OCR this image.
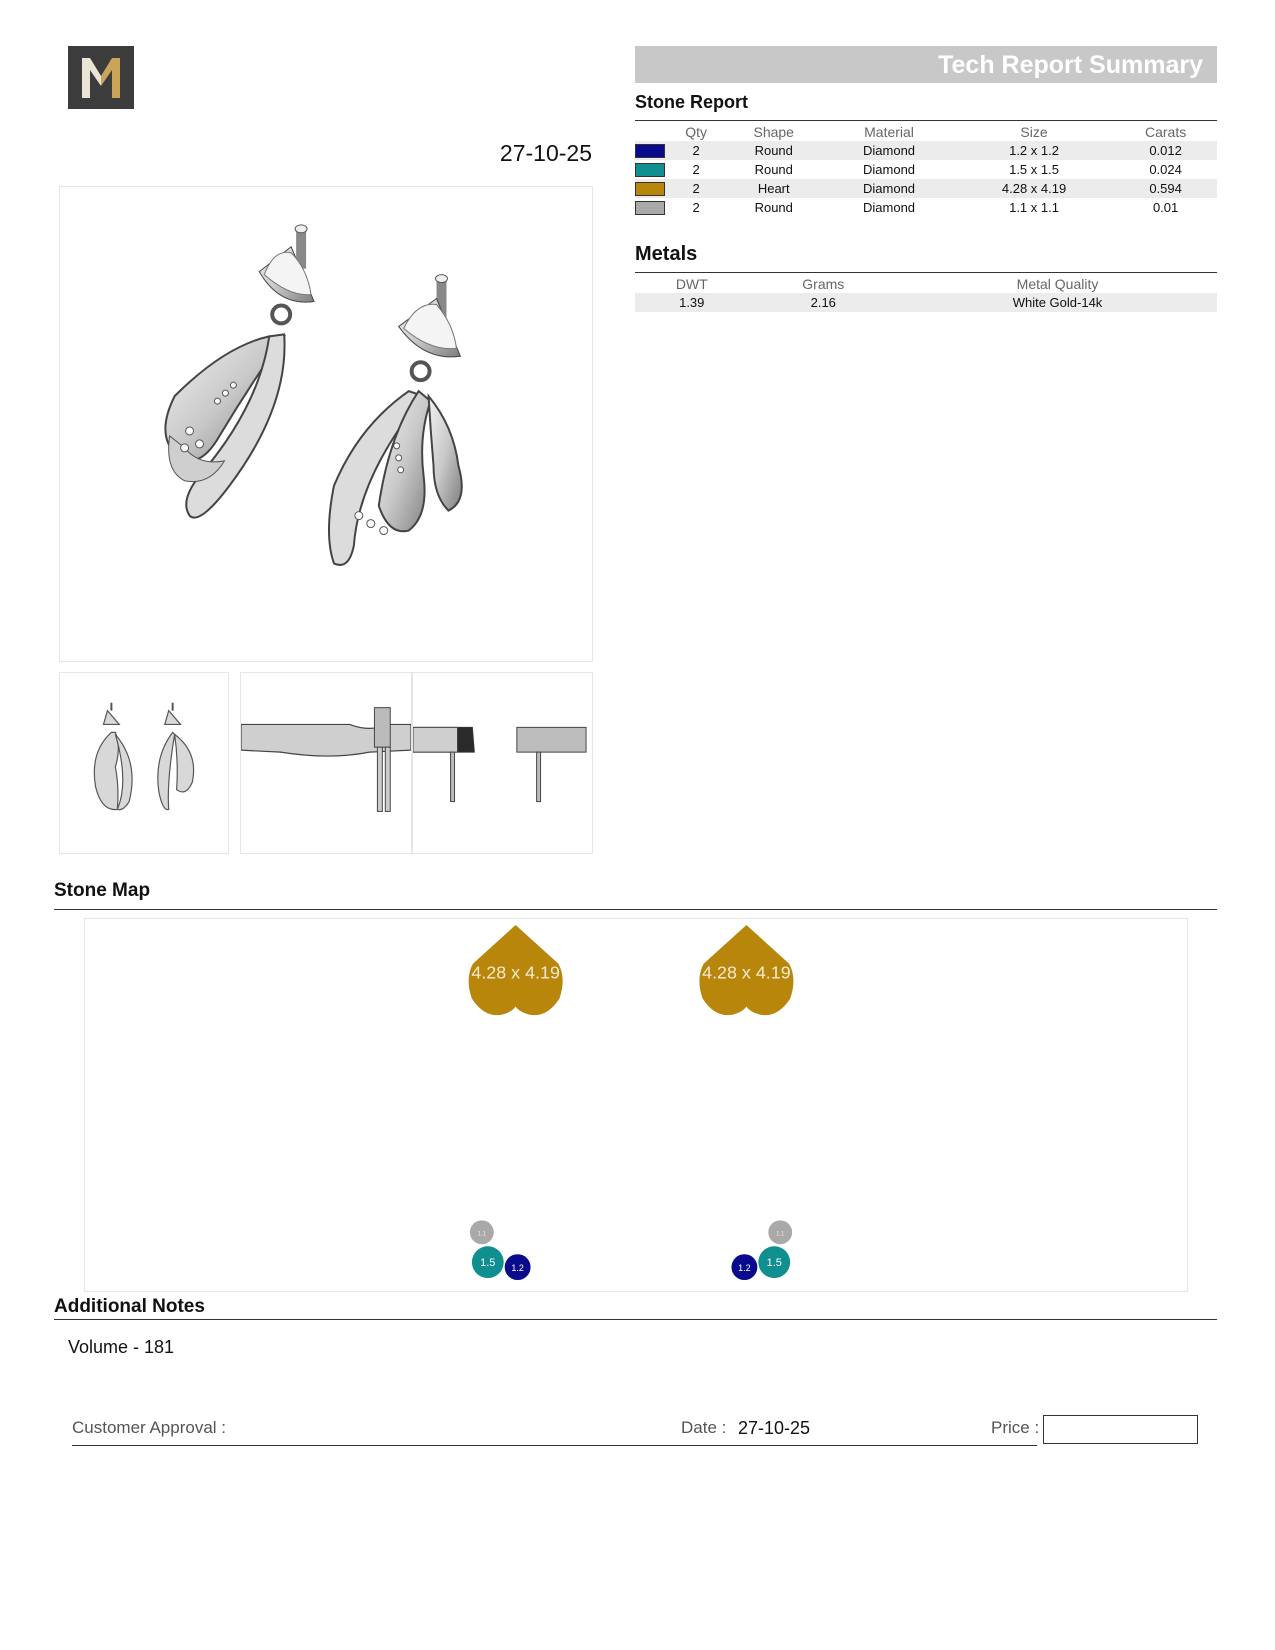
27-10-25
Tech Report Summary
Stone Report
	Qty	Shape	Material	Size	Carats
	2	Round	Diamond	1.2 x 1.2	0.012
	2	Round	Diamond	1.5 x 1.5	0.024
	2	Heart	Diamond	4.28 x 4.19	0.594
	2	Round	Diamond	1.1 x 1.1	0.01
Metals
DWT	Grams	Metal Quality
1.39	2.16	White Gold-14k
Stone Map
4.28 x 4.19	4.28 x 4.19
1.1
1.5 1.2
1.1
1.5
1.2
Additional Notes
Volume - 181
Customer Approval :	Date : 27-10-25	Price :
